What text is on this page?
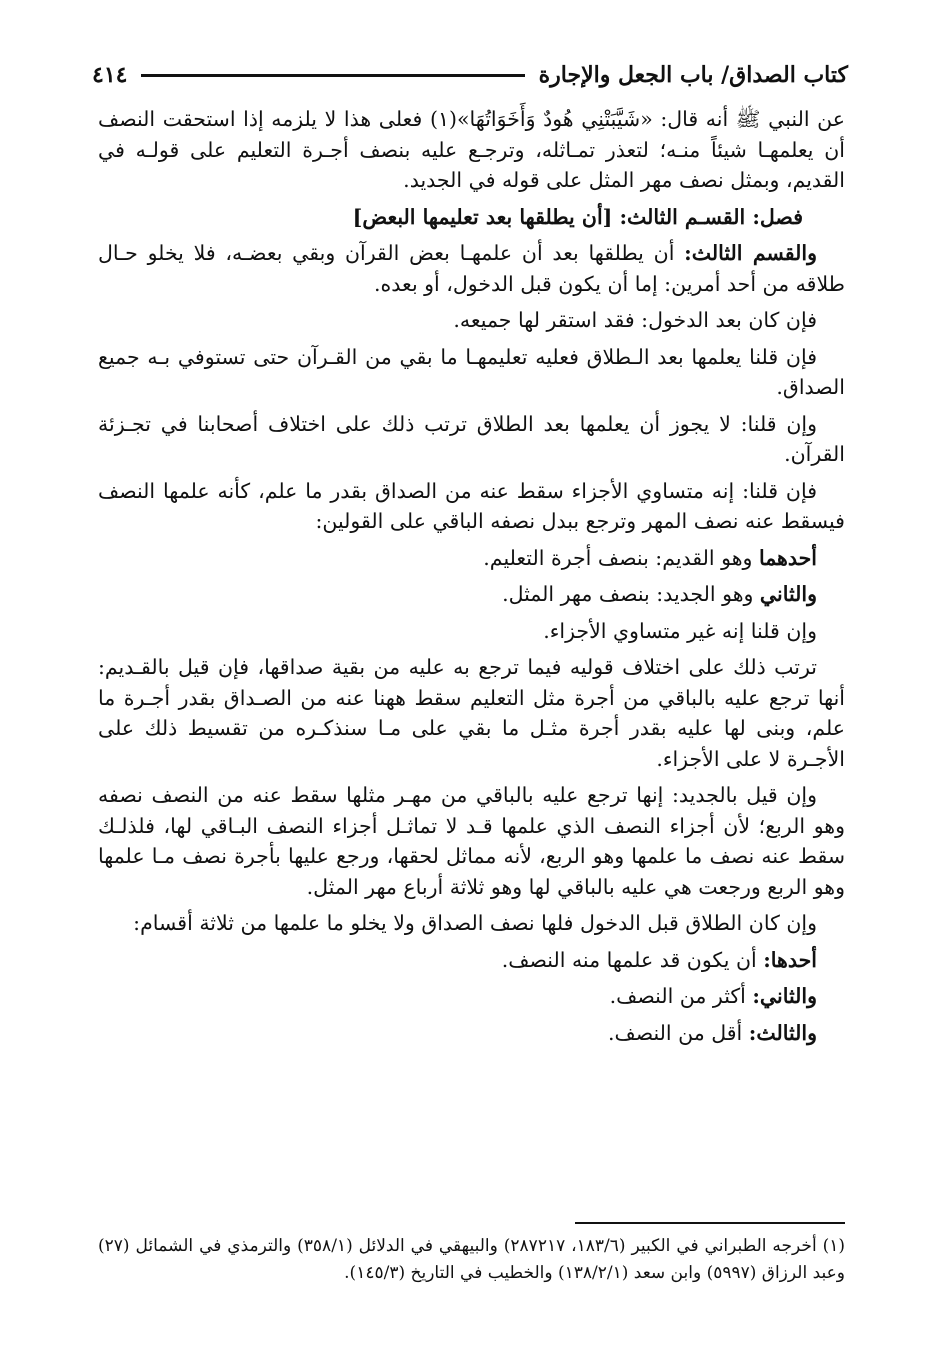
كتاب الصداق/ باب الجعل والإجارة
٤١٤

عن النبي ﷺ أنه قال: «شَيَّبَتْنِي هُودٌ وَأَخَوَاتُهَا»(١) فعلى هذا لا يلزمه إذا استحقت النصف أن يعلمهـا شيئاً منـه؛ لتعذر تمـاثله، وترجـع عليه بنصف أجـرة التعليم على قولـه في القديم، وبمثل نصف مهر المثل على قوله في الجديد.

فصل: القسـم الثالث: [أن يطلقها بعد تعليمها البعض]

والقسم الثالث: أن يطلقها بعد أن علمهـا بعض القرآن وبقي بعضـه، فلا يخلو حـال طلاقه من أحد أمرين: إما أن يكون قبل الدخول، أو بعده.

فإن كان بعد الدخول: فقد استقر لها جميعه.

فإن قلنا يعلمها بعد الـطلاق فعليه تعليمهـا ما بقي من القـرآن حتى تستوفي بـه جميع الصداق.

وإن قلنا: لا يجوز أن يعلمها بعد الطلاق ترتب ذلك على اختلاف أصحابنا في تجـزئة القرآن.

فإن قلنا: إنه متساوي الأجزاء سقط عنه من الصداق بقدر ما علم، كأنه علمها النصف فيسقط عنه نصف المهر وترجع ببدل نصفه الباقي على القولين:

أحدهما وهو القديم: بنصف أجرة التعليم.

والثاني وهو الجديد: بنصف مهر المثل.

وإن قلنا إنه غير متساوي الأجزاء.

ترتب ذلك على اختلاف قوليه فيما ترجع به عليه من بقية صداقها، فإن قيل بالقـديم: أنها ترجع عليه بالباقي من أجرة مثل التعليم سقط ههنا عنه من الصـداق بقدر أجـرة ما علم، وبنى لها عليه بقدر أجرة مثـل ما بقي على مـا سنذكـره من تقسيط ذلك على الأجـرة لا على الأجزاء.

وإن قيل بالجديد: إنها ترجع عليه بالباقي من مهـر مثلها سقط عنه من النصف نصفه وهو الربع؛ لأن أجزاء النصف الذي علمها قـد لا تماثـل أجزاء النصف البـاقي لها، فلذلـك سقط عنه نصف ما علمها وهو الربع، لأنه مماثل لحقها، ورجع عليها بأجرة نصف مـا علمها وهو الربع ورجعت هي عليه بالباقي لها وهو ثلاثة أرباع مهر المثل.

وإن كان الطلاق قبل الدخول فلها نصف الصداق ولا يخلو ما علمها من ثلاثة أقسام:

أحدها: أن يكون قد علمها منه النصف.

والثاني: أكثر من النصف.

والثالث: أقل من النصف.

(١) أخرجه الطبراني في الكبير (١٨٣/٦، ٢٨٧٢١٧) والبيهقي في الدلائل (٣٥٨/١) والترمذي في الشمائل (٢٧) وعبد الرزاق (٥٩٩٧) وابن سعد (١٣٨/٢/١) والخطيب في التاريخ (١٤٥/٣).
